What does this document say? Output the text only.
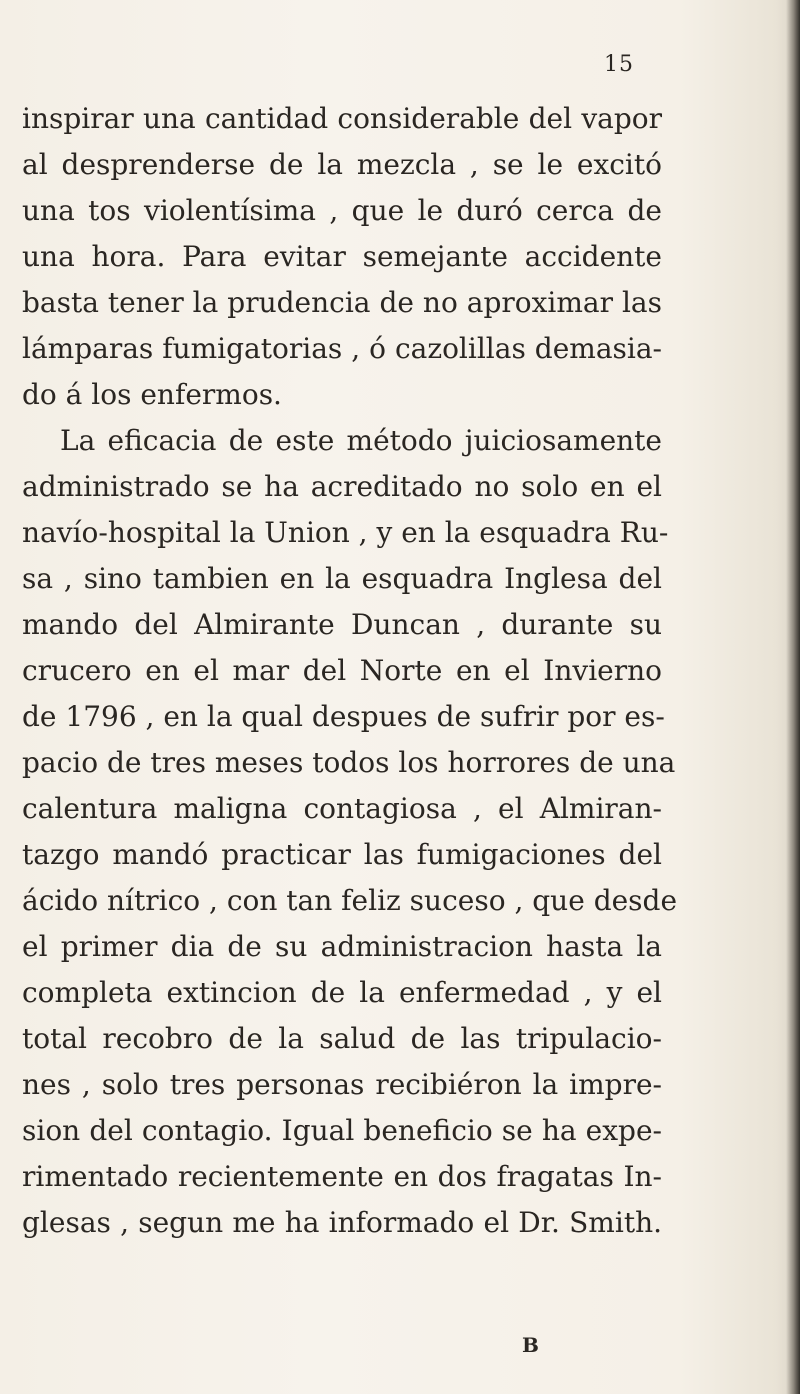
15
inspirar una cantidad considerable del vapor
al desprenderse de la mezcla , se le excitó
una tos violentísima , que le duró cerca de
una hora. Para evitar semejante accidente
basta tener la prudencia de no aproximar las
lámparas fumigatorias , ó cazolillas demasia-
do á los enfermos.
La eficacia de este método juiciosamente
administrado se ha acreditado no solo en el
navío-hospital la Union , y en la esquadra Ru-
sa , sino tambien en la esquadra Inglesa del
mando del Almirante Duncan , durante su
crucero en el mar del Norte en el Invierno
de 1796 , en la qual despues de sufrir por es-
pacio de tres meses todos los horrores de una
calentura maligna contagiosa , el Almiran-
tazgo mandó practicar las fumigaciones del
ácido nítrico , con tan feliz suceso , que desde
el primer dia de su administracion hasta la
completa extincion de la enfermedad , y el
total recobro de la salud de las tripulacio-
nes , solo tres personas recibiéron la impre-
sion del contagio. Igual beneficio se ha expe-
rimentado recientemente en dos fragatas In-
glesas , segun me ha informado el Dr. Smith.
B
